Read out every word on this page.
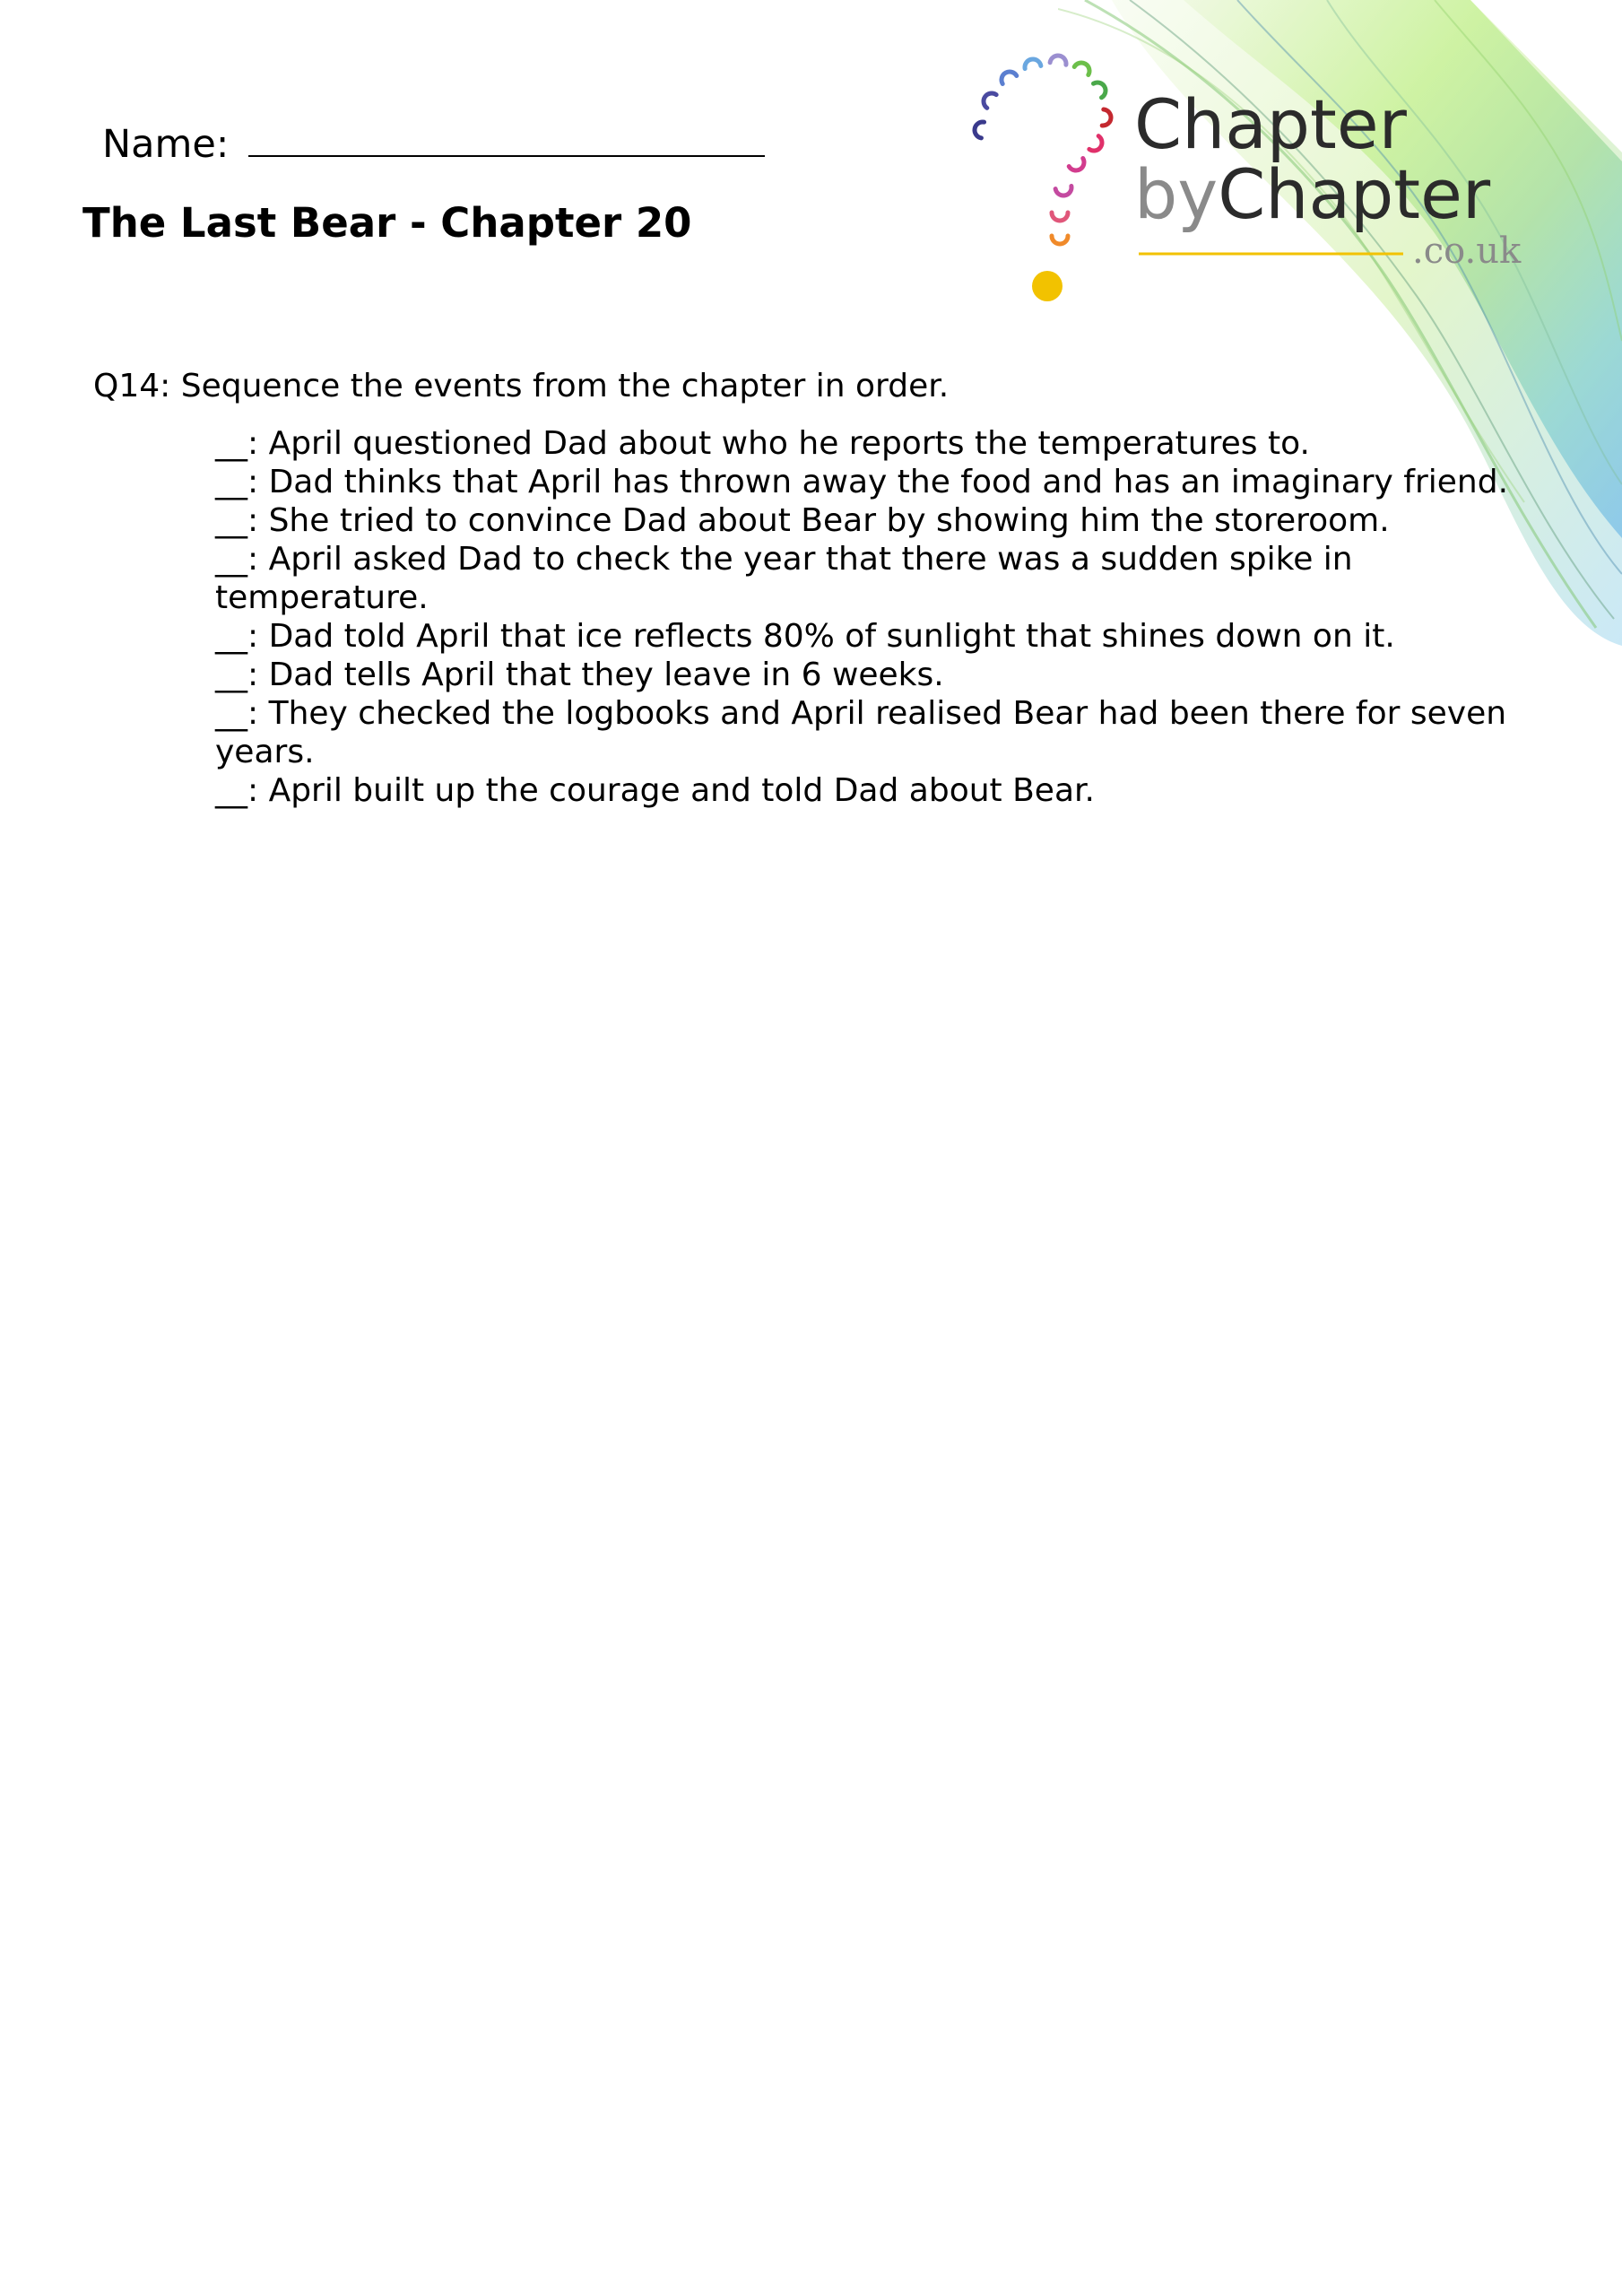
Chapter
byChapter
.co.uk
Name:
The Last Bear - Chapter 20

Q14: Sequence the events from the chapter in order.

__: April questioned Dad about who he reports the temperatures to.
__: Dad thinks that April has thrown away the food and has an imaginary friend.
__: She tried to convince Dad about Bear by showing him the storeroom.
__: April asked Dad to check the year that there was a sudden spike in temperature.
__: Dad told April that ice reflects 80% of sunlight that shines down on it.
__: Dad tells April that they leave in 6 weeks.
__: They checked the logbooks and April realised Bear had been there for seven years.
__: April built up the courage and told Dad about Bear.
